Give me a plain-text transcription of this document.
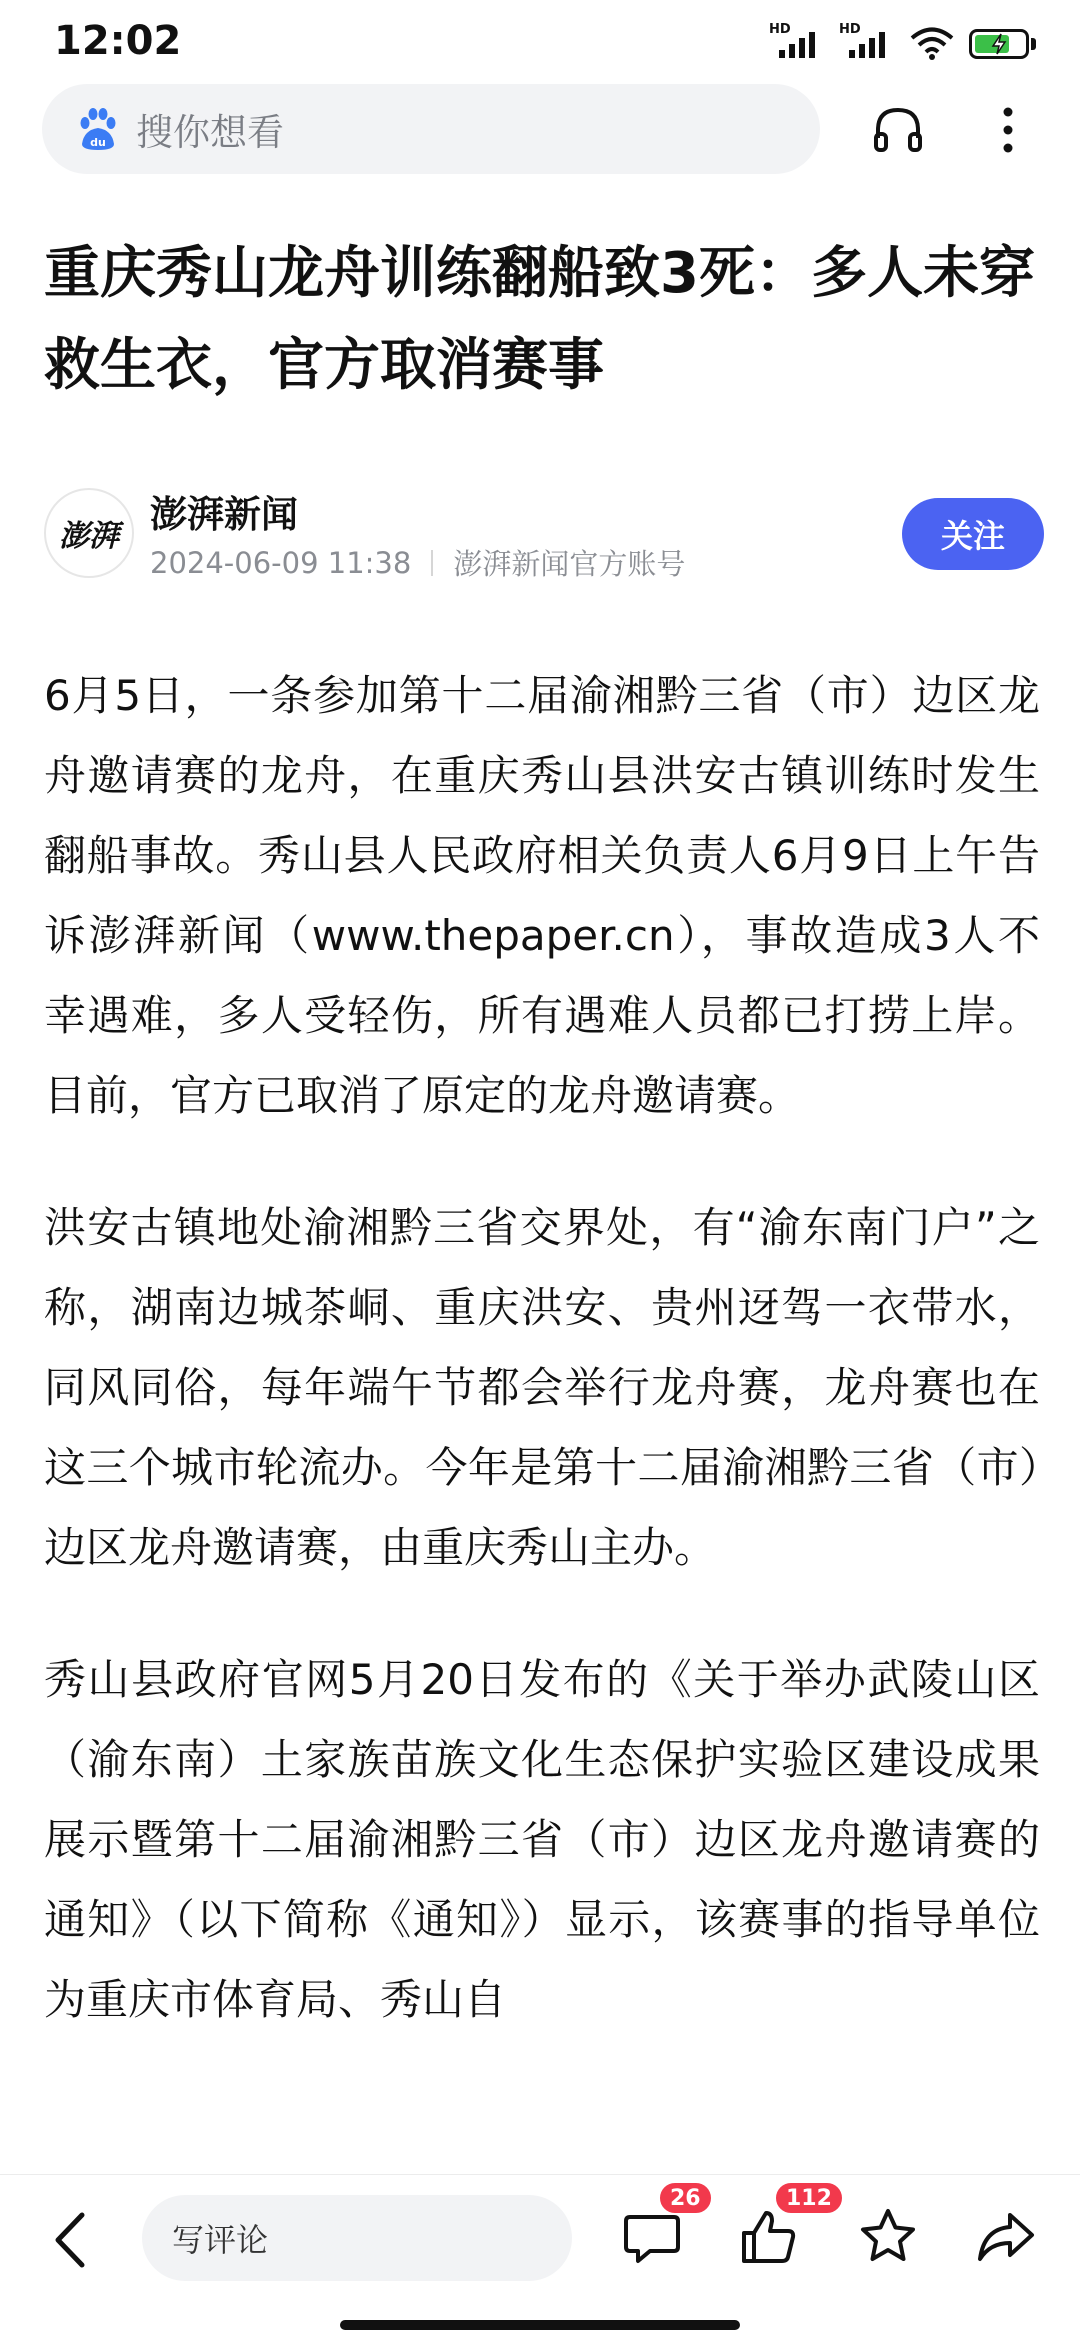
12:02	HD	HD
du 搜你想看
重庆秀山龙舟训练翻船致3死：多人未穿救生衣，官方取消赛事
澎湃
澎湃新闻
2024-06-09 11:38 澎湃新闻官方账号
关注

6月5日，一条参加第十二届渝湘黔三省（市）边区龙舟邀请赛的龙舟，在重庆秀山县洪安古镇训练时发生翻船事故。秀山县人民政府相关负责人6月9日上午告诉澎湃新闻（www.thepaper.cn），事故造成3人不幸遇难，多人受轻伤，所有遇难人员都已打捞上岸。目前，官方已取消了原定的龙舟邀请赛。

洪安古镇地处渝湘黔三省交界处，有“渝东南门户”之称，湖南边城茶峒、重庆洪安、贵州迓驾一衣带水，同风同俗，每年端午节都会举行龙舟赛，龙舟赛也在这三个城市轮流办。今年是第十二届渝湘黔三省（市）边区龙舟邀请赛，由重庆秀山主办。

秀山县政府官网5月20日发布的《关于举办武陵山区（渝东南）土家族苗族文化生态保护实验区建设成果展示暨第十二届渝湘黔三省（市）边区龙舟邀请赛的通知》（以下简称《通知》）显示，该赛事的指导单位为重庆市体育局、秀山自

写评论
26	112
